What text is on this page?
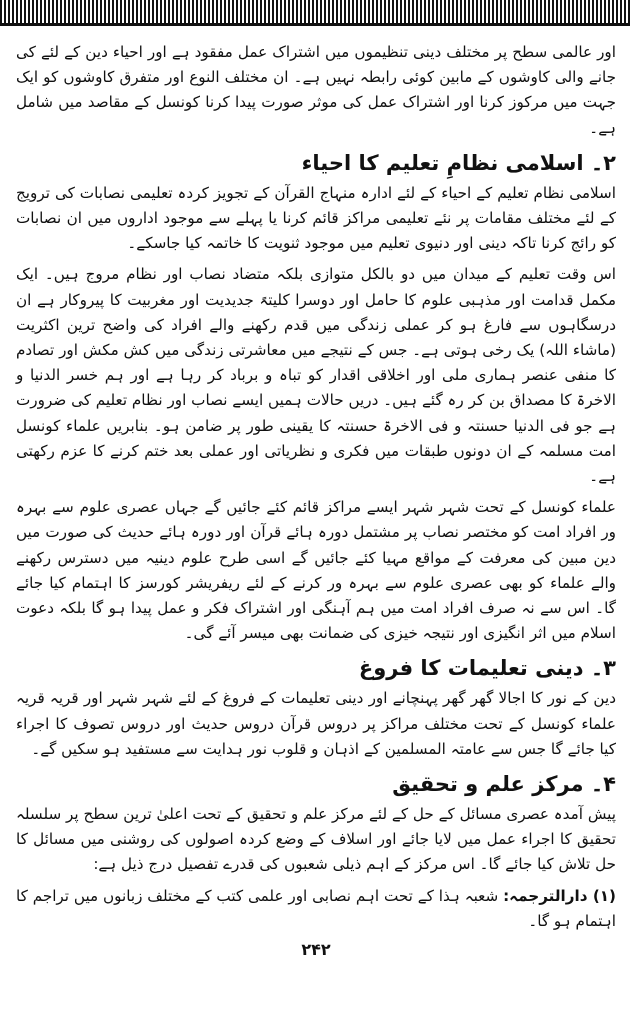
اور عالمی سطح پر مختلف دینی تنظیموں میں اشتراک عمل مفقود ہے اور احیاء دین کے لئے کی جانے والی کاوشوں کے مابین کوئی رابطہ نہیں ہے۔ ان مختلف النوع اور متفرق کاوشوں کو ایک جہت میں مرکوز کرنا اور اشتراک عمل کی موثر صورت پیدا کرنا کونسل کے مقاصد میں شامل ہے۔

۲۔ اسلامی نظامِ تعلیم کا احیاء

اسلامی نظام تعلیم کے احیاء کے لئے ادارہ منہاج القرآن کے تجویز کردہ تعلیمی نصابات کی ترویج کے لئے مختلف مقامات پر نئے تعلیمی مراکز قائم کرنا یا پہلے سے موجود اداروں میں ان نصابات کو رائج کرنا تاکہ دینی اور دنیوی تعلیم میں موجود ثنویت کا خاتمہ کیا جاسکے۔

اس وقت تعلیم کے میدان میں دو بالکل متوازی بلکہ متضاد نصاب اور نظام مروج ہیں۔ ایک مکمل قدامت اور مذہبی علوم کا حامل اور دوسرا کلیتہً جدیدیت اور مغربیت کا پیروکار ہے ان درسگاہوں سے فارغ ہو کر عملی زندگی میں قدم رکھنے والے افراد کی واضح ترین اکثریت (ماشاء اللہ) یک رخی ہوتی ہے۔ جس کے نتیجے میں معاشرتی زندگی میں کش مکش اور تصادم کا منفی عنصر ہماری ملی اور اخلاقی اقدار کو تباہ و برباد کر رہا ہے اور ہم خسر الدنیا و الاخرۃ کا مصداق بن کر رہ گئے ہیں۔ دریں حالات ہمیں ایسے نصاب اور نظام تعلیم کی ضرورت ہے جو فی الدنیا حسنتہ و فی الاخرۃ حسنتہ کا یقینی طور پر ضامن ہو۔ بنابریں علماء کونسل امت مسلمہ کے ان دونوں طبقات میں فکری و نظریاتی اور عملی بعد ختم کرنے کا عزم رکھتی ہے۔

علماء کونسل کے تحت شہر شہر ایسے مراکز قائم کئے جائیں گے جہاں عصری علوم سے بہرہ ور افراد امت کو مختصر نصاب پر مشتمل دورہ ہائے قرآن اور دورہ ہائے حدیث کی صورت میں دین مبین کی معرفت کے مواقع مہیا کئے جائیں گے اسی طرح علوم دینیہ میں دسترس رکھنے والے علماء کو بھی عصری علوم سے بہرہ ور کرنے کے لئے ریفریشر کورسز کا اہتمام کیا جائے گا۔ اس سے نہ صرف افراد امت میں ہم آہنگی اور اشتراک فکر و عمل پیدا ہو گا بلکہ دعوت اسلام میں اثر انگیزی اور نتیجہ خیزی کی ضمانت بھی میسر آئے گی۔

۳۔ دینی تعلیمات کا فروغ

دین کے نور کا اجالا گھر گھر پہنچانے اور دینی تعلیمات کے فروغ کے لئے شہر شہر اور قریہ قریہ علماء کونسل کے تحت مختلف مراکز پر دروس قرآن دروس حدیث اور دروس تصوف کا اجراء کیا جائے گا جس سے عامتہ المسلمین کے اذہان و قلوب نور ہدایت سے مستفید ہو سکیں گے۔

۴۔ مرکز علم و تحقیق

پیش آمدہ عصری مسائل کے حل کے لئے مرکز علم و تحقیق کے تحت اعلیٰ ترین سطح پر سلسلہ تحقیق کا اجراء عمل میں لایا جائے اور اسلاف کے وضع کردہ اصولوں کی روشنی میں مسائل کا حل تلاش کیا جائے گا۔ اس مرکز کے اہم ذیلی شعبوں کی قدرے تفصیل درج ذیل ہے:

(۱) دارالترجمہ: شعبہ ہذا کے تحت اہم نصابی اور علمی کتب کے مختلف زبانوں میں تراجم کا اہتمام ہو گا۔

۲۴۲
